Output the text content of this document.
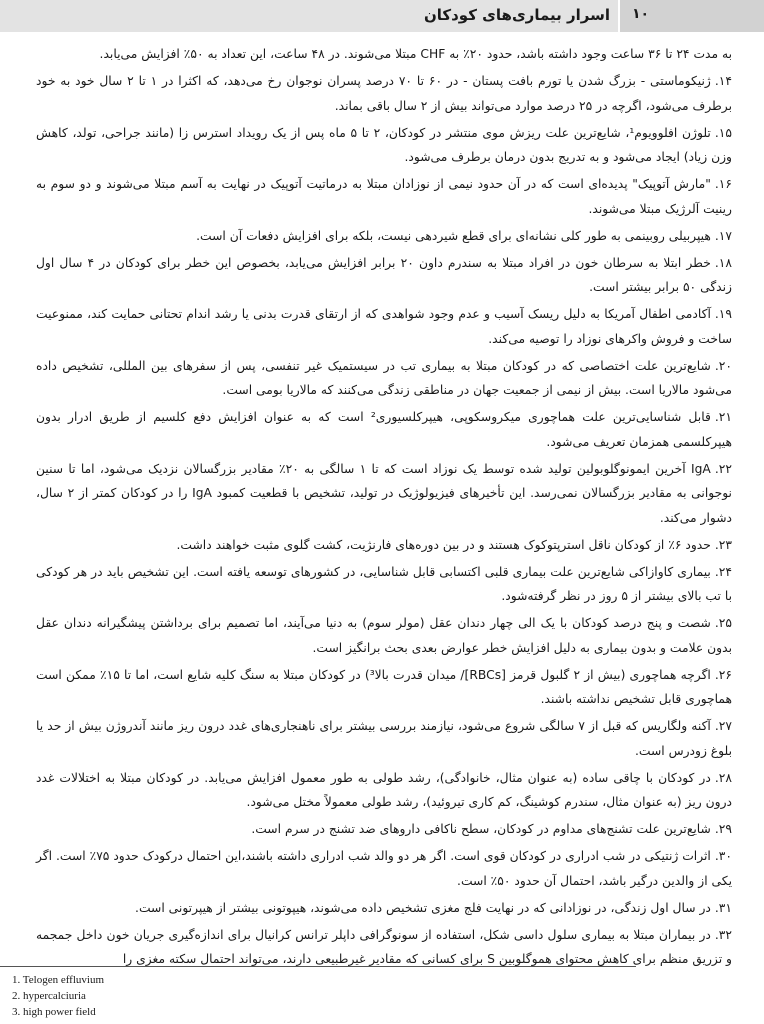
اسرار بیماری‌های کودکان ۱۰
به مدت ۲۴ تا ۳۶ ساعت وجود داشته باشد، حدود ۲۰٪ به CHF مبتلا می‌شوند. در ۴۸ ساعت، این تعداد به ۵۰٪ افزایش می‌یابد.
۱۴.ژنیکوماستی - بزرگ شدن یا تورم بافت پستان - در ۶۰ تا ۷۰ درصد پسران نوجوان رخ می‌دهد، که اکثرا در ۱ تا ۲ سال خود به خود برطرف می‌شود، اگرچه در ۲۵ درصد موارد می‌تواند بیش از ۲ سال باقی بماند.
۱۵.تلوژن افلوویوم¹، شایع‌ترین علت ریزش موی منتشر در کودکان، ۲ تا ۵ ماه پس از یک رویداد استرس زا (مانند جراحی، تولد، کاهش وزن زیاد) ایجاد می‌شود و به تدریج بدون درمان برطرف می‌شود.
۱۶."مارش آتوپیک" پدیده‌ای است که در آن حدود نیمی از نوزادان مبتلا به درماتیت آتوپیک در نهایت به آسم مبتلا می‌شوند و دو سوم به رینیت آلرژیک مبتلا می‌شوند.
۱۷.هیپربیلی روبینمی به طور کلی نشانه‌ای برای قطع شیردهی نیست، بلکه برای افزایش دفعات آن است.
۱۸.خطر ابتلا به سرطان خون در افراد مبتلا به سندرم داون ۲۰ برابر افزایش می‌یابد، بخصوص این خطر برای کودکان در ۴ سال اول زندگی ۵۰ برابر بیشتر است.
۱۹.آکادمی اطفال آمریکا به دلیل ریسک آسیب و عدم وجود شواهدی که از ارتقای قدرت بدنی یا رشد اندام تحتانی حمایت کند، ممنوعیت ساخت و فروش واکرهای نوزاد را توصیه می‌کند.
۲۰.شایع‌ترین علت اختصاصی که در کودکان مبتلا به بیماری تب در سیستمیک غیر تنفسی، پس از سفرهای بین المللی، تشخیص داده می‌شود مالاریا است. بیش از نیمی از جمعیت جهان در مناطقی زندگی می‌کنند که مالاریا بومی است.
۲۱.قابل شناسایی‌ترین علت هماچوری میکروسکوپی، هیپرکلسیوری² است که به عنوان افزایش دفع کلسیم از طریق ادرار بدون هیپرکلسمی همزمان تعریف می‌شود.
۲۲.IgA آخرین ایمونوگلوبولین تولید شده توسط یک نوزاد است که تا ۱ سالگی به ۲۰٪ مقادیر بزرگسالان نزدیک می‌شود، اما تا سنین نوجوانی به مقادیر بزرگسالان نمی‌رسد. این تأخیرهای فیزیولوژیک در تولید، تشخیص با قطعیت کمبود IgA را در کودکان کمتر از ۲ سال، دشوار می‌کند.
۲۳.حدود ۶٪ از کودکان ناقل استرپتوکوک هستند و در بین دوره‌های فارنژیت، کشت گلوی مثبت خواهند داشت.
۲۴.بیماری کاوازاکی شایع‌ترین علت بیماری قلبی اکتسابی قابل شناسایی، در کشورهای توسعه یافته است. این تشخیص باید در هر کودکی با تب بالای بیشتر از ۵ روز در نظر گرفته‌شود.
۲۵.شصت و پنج درصد کودکان با یک الی چهار دندان عقل (مولر سوم) به دنیا می‌آیند، اما تصمیم برای برداشتن پیشگیرانه دندان عقل بدون علامت و بدون بیماری به دلیل افزایش خطر عوارض بعدی بحث برانگیز است.
۲۶.اگرچه هماچوری (بیش از ۲ گلبول قرمز [RBCs]/ میدان قدرت بالا³) در کودکان مبتلا به سنگ کلیه شایع است، اما تا ۱۵٪ ممکن است هماچوری قابل تشخیص نداشته باشند.
۲۷.آکنه ولگاریس که قبل از ۷ سالگی شروع می‌شود، نیازمند بررسی بیشتر برای ناهنجاری‌های غدد درون ریز مانند آندروژن بیش از حد یا بلوغ زودرس است.
۲۸.در کودکان با چاقی ساده (به عنوان مثال، خانوادگی)، رشد طولی به طور معمول افزایش می‌یابد. در کودکان مبتلا به اختلالات غدد درون ریز (به عنوان مثال، سندرم کوشینگ، کم کاری تیروئید)، رشد طولی معمولاً مختل می‌شود.
۲۹.شایع‌ترین علت تشنج‌های مداوم در کودکان، سطح ناکافی داروهای ضد تشنج در سرم است.
۳۰.اثرات ژنتیکی در شب ادراری در کودکان قوی است. اگر هر دو والد شب ادراری داشته باشند،این احتمال درکودک حدود ۷۵٪ است. اگر یکی از والدین درگیر باشد، احتمال آن حدود ۵۰٪ است.
۳۱.در سال اول زندگی، در نوزادانی که در نهایت فلج مغزی تشخیص داده می‌شوند، هیپوتونی بیشتر از هیپرتونی است.
۳۲.در بیماران مبتلا به بیماری سلول داسی شکل، استفاده از سونوگرافی داپلر ترانس کرانیال برای اندازه‌گیری جریان خون داخل جمجمه و تزریق منظم برای کاهش محتوای هموگلوبین S برای کسانی که مقادیر غیرطبیعی دارند، می‌تواند احتمال سکته مغزی را
1. Telogen effluvium
2. hypercalciuria
3. high power field
